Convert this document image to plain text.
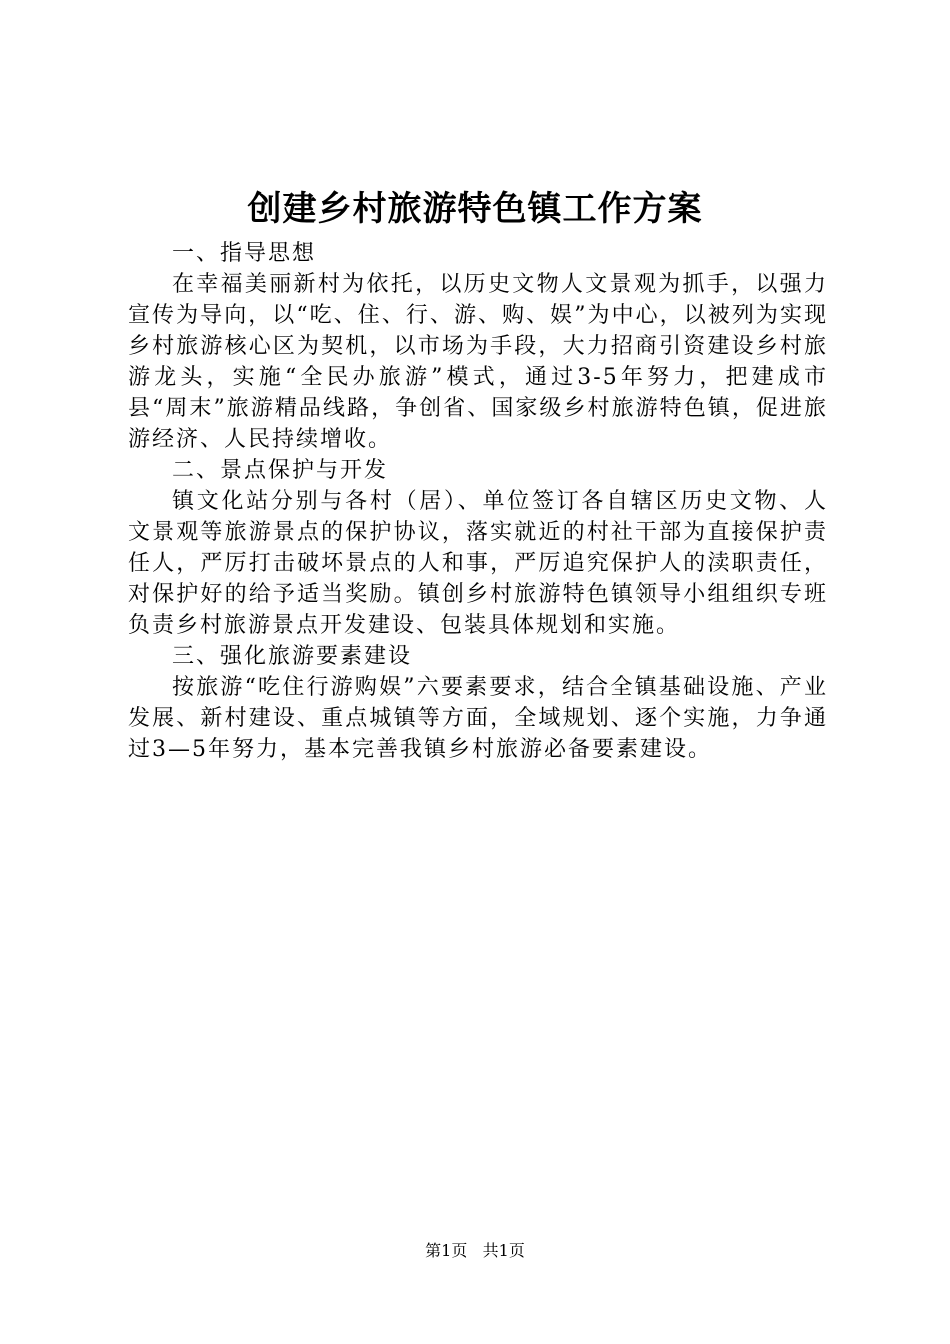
创建乡村旅游特色镇工作方案

一、指导思想

在幸福美丽新村为依托，以历史文物人文景观为抓手，以强力宣传为导向，以“吃、住、行、游、购、娱”为中心，以被列为实现乡村旅游核心区为契机，以市场为手段，大力招商引资建设乡村旅游龙头，实施“全民办旅游”模式，通过3-5年努力，把建成市县“周末”旅游精品线路，争创省、国家级乡村旅游特色镇，促进旅游经济、人民持续增收。

二、景点保护与开发

镇文化站分别与各村（居）、单位签订各自辖区历史文物、人文景观等旅游景点的保护协议，落实就近的村社干部为直接保护责任人，严厉打击破坏景点的人和事，严厉追究保护人的渎职责任，对保护好的给予适当奖励。镇创乡村旅游特色镇领导小组组织专班负责乡村旅游景点开发建设、包装具体规划和实施。

三、强化旅游要素建设

按旅游“吃住行游购娱”六要素要求，结合全镇基础设施、产业发展、新村建设、重点城镇等方面，全域规划、逐个实施，力争通过3—5年努力，基本完善我镇乡村旅游必备要素建设。

第1页 共1页
